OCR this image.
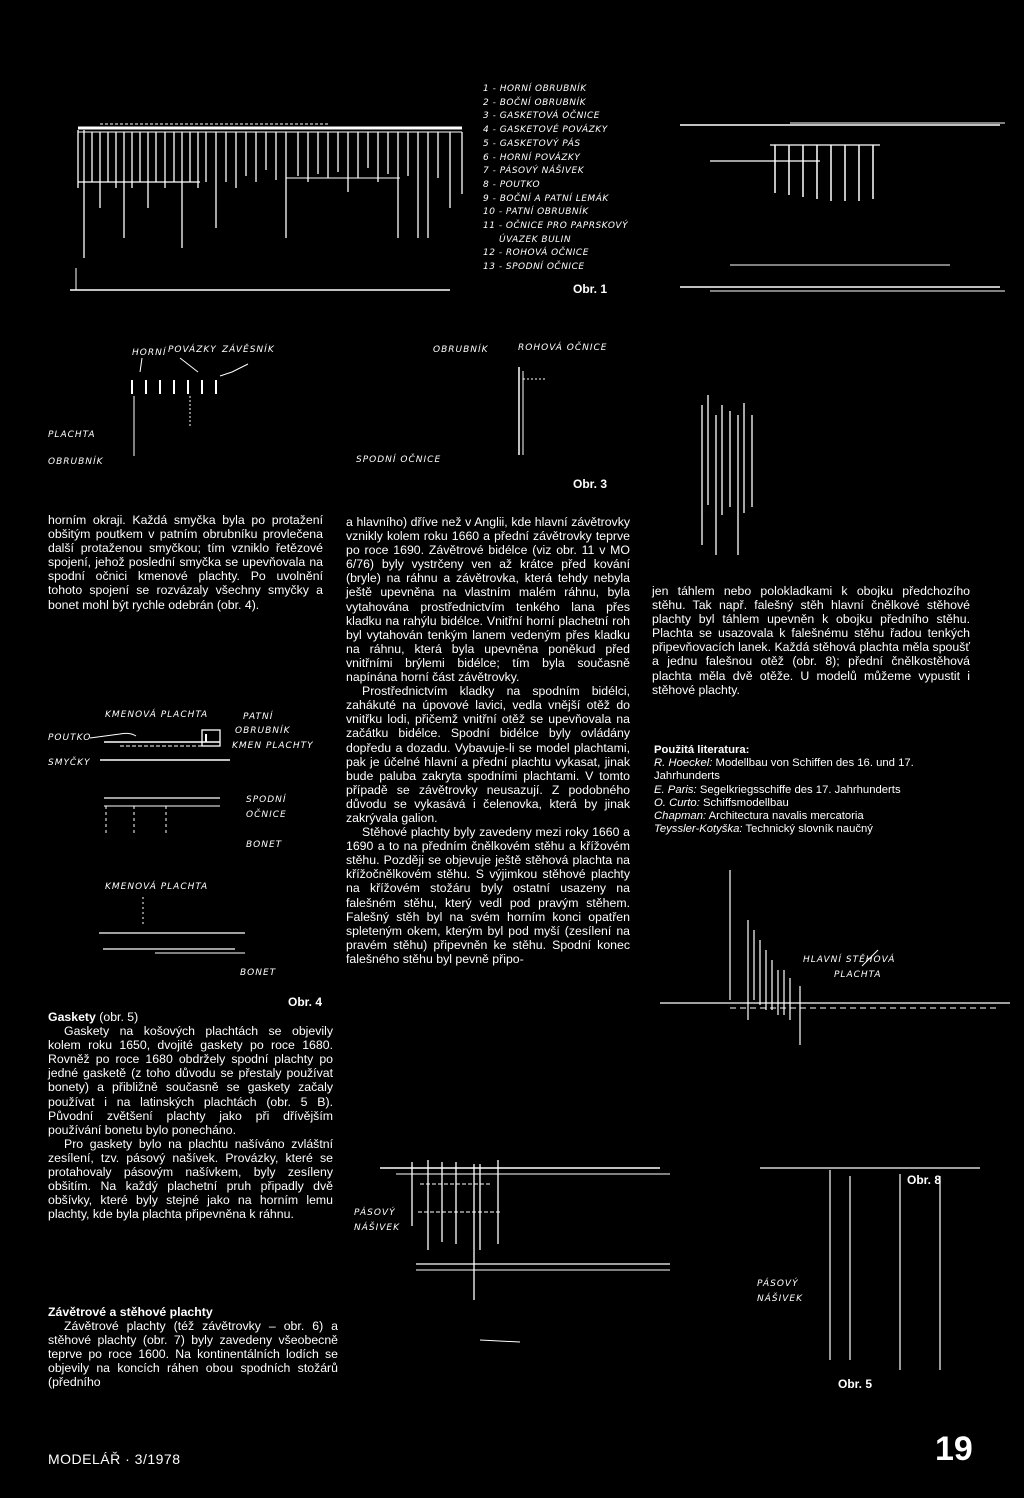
1 - HORNÍ OBRUBNÍK
2 - BOČNÍ OBRUBNÍK
3 - GASKETOVÁ OČNICE
4 - GASKETOVÉ POVÁZKY
5 - GASKETOVÝ PÁS
6 - HORNÍ POVÁZKY
7 - PÁSOVÝ NÁŠIVEK
8 - POUTKO
9 - BOČNÍ A PATNÍ LEMÁK
10 - PATNÍ OBRUBNÍK
11 - OČNICE PRO PAPRSKOVÝ
ÚVAZEK BULIN
12 - ROHOVÁ OČNICE
13 - SPODNÍ OČNICE
Obr. 1
HORNÍ POVÁZKY ZÁVĚSNÍK
PLACHTA
OBRUBNÍK
OBRUBNÍK	ROHOVÁ OČNICE
SPODNÍ OČNICE
Obr. 3

horním okraji. Každá smyčka byla po protažení obšitým poutkem v patním obrubníku provlečena další protaženou smyčkou; tím vzniklo řetězové spojení, jehož poslední smyčka se upevňovala na spodní očnici kmenové plachty. Po uvolnění tohoto spojení se rozvázaly všechny smyčky a bonet mohl být rychle odebrán (obr. 4).

KMENOVÁ PLACHTA	PATNÍ
OBRUBNÍK
POUTKO
KMEN PLACHTY
SMYČKY
SPODNÍ
OČNICE
BONET
KMENOVÁ PLACHTA
BONET
Obr. 4

Gaskety (obr. 5)

Gaskety na košových plachtách se objevily kolem roku 1650, dvojité gaskety po roce 1680. Rovněž po roce 1680 obdržely spodní plachty po jedné gasketě (z toho důvodu se přestaly používat bonety) a přibližně současně se gaskety začaly používat i na latinských plachtách (obr. 5 B). Původní zvětšení plachty jako při dřívějším používání bonetu bylo ponecháno.

Pro gaskety bylo na plachtu našíváno zvláštní zesílení, tzv. pásový našívek. Provázky, které se protahovaly pásovým našívkem, byly zesíleny obšitím. Na každý plachetní pruh připadly dvě obšívky, které byly stejné jako na horním lemu plachty, kde byla plachta připevněna k ráhnu.

Závětrové a stěhové plachty

Závětrové plachty (též závětrovky – obr. 6) a stěhové plachty (obr. 7) byly zavedeny všeobecně teprve po roce 1600. Na kontinentálních lodích se objevily na koncích ráhen obou spodních stožárů (předního

a hlavního) dříve než v Anglii, kde hlavní závětrovky vznikly kolem roku 1660 a přední závětrovky teprve po roce 1690. Závětrové bidélce (viz obr. 11 v MO 6/76) byly vystrčeny ven až krátce před kování (bryle) na ráhnu a závětrovka, která tehdy nebyla ještě upevněna na vlastním malém ráhnu, byla vytahována prostřednictvím tenkého lana přes kladku na rahýlu bidélce. Vnitřní horní plachetní roh byl vytahován tenkým lanem vedeným přes kladku na ráhnu, která byla upevněna poněkud před vnitřními brýlemi bidélce; tím byla současně napínána horní část závětrovky.

Prostřednictvím kladky na spodním bidélci, zahákuté na úpovové lavici, vedla vnější otěž do vnitřku lodi, přičemž vnitřní otěž se upevňovala na začátku bidélce. Spodní bidélce byly ovládány dopředu a dozadu. Vybavuje-li se model plachtami, pak je účelné hlavní a přední plachtu vykasat, jinak bude paluba zakryta spodními plachtami. V tomto případě se závětrovky neusazují. Z podobného důvodu se vykasává i čelenovka, která by jinak zakrývala galion.

Stěhové plachty byly zavedeny mezi roky 1660 a 1690 a to na předním čnělkovém stěhu a křížovém stěhu. Později se objevuje ještě stěhová plachta na křížočnělkovém stěhu. S výjimkou stěhové plachty na křížovém stožáru byly ostatní usazeny na falešném stěhu, který vedl pod pravým stěhem. Falešný stěh byl na svém horním konci opatřen spleteným okem, kterým byl pod myší (zesílení na pravém stěhu) připevněn ke stěhu. Spodní konec falešného stěhu byl pevně připo-

jen táhlem nebo polokladkami k obojku předchozího stěhu. Tak např. falešný stěh hlavní čnělkové stěhové plachty byl táhlem upevněn k obojku předního stěhu. Plachta se usazovala k falešnému stěhu řadou tenkých připevňovacích lanek. Každá stěhová plachta měla spoušť a jednu falešnou otěž (obr. 8); přední čnělkostěhová plachta měla dvě otěže. U modelů můžeme vypustit i stěhové plachty.

Použitá literatura:

R. Hoeckel: Modellbau von Schiffen des 16. und 17. Jahrhunderts

E. Paris: Segelkriegsschiffe des 17. Jahrhunderts

O. Curto: Schiffsmodellbau

Chapman: Architectura navalis mercatoria

Teyssler-Kotyška: Technický slovník naučný

HLAVNÍ STĚHOVÁ
PLACHTA
Obr. 8
PÁSOVÝ
NÁŠIVEK
PÁSOVÝ
NÁŠIVEK
Obr. 5
MODELÁŘ · 3/1978	19
